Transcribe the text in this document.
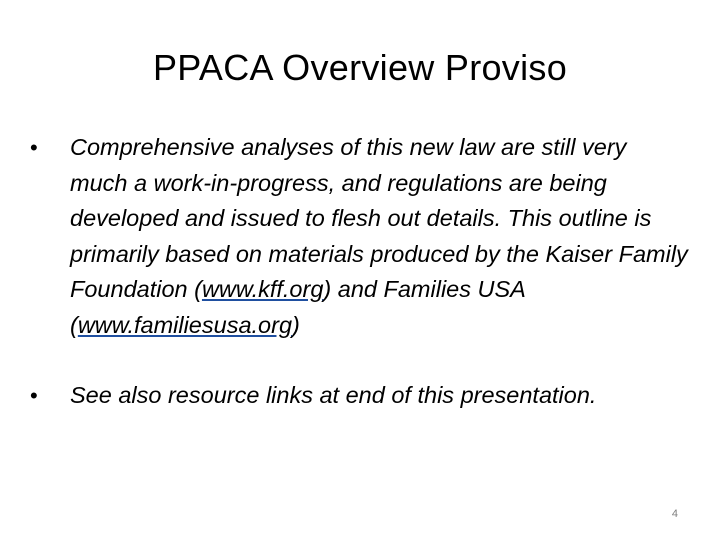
PPACA Overview Proviso
• Comprehensive analyses of this new law are still very much a work-in-progress, and regulations are being developed and issued to flesh out details. This outline is primarily based on materials produced by the Kaiser Family Foundation (www.kff.org) and Families USA (www.familiesusa.org)
• See also resource links at end of this presentation.
4
